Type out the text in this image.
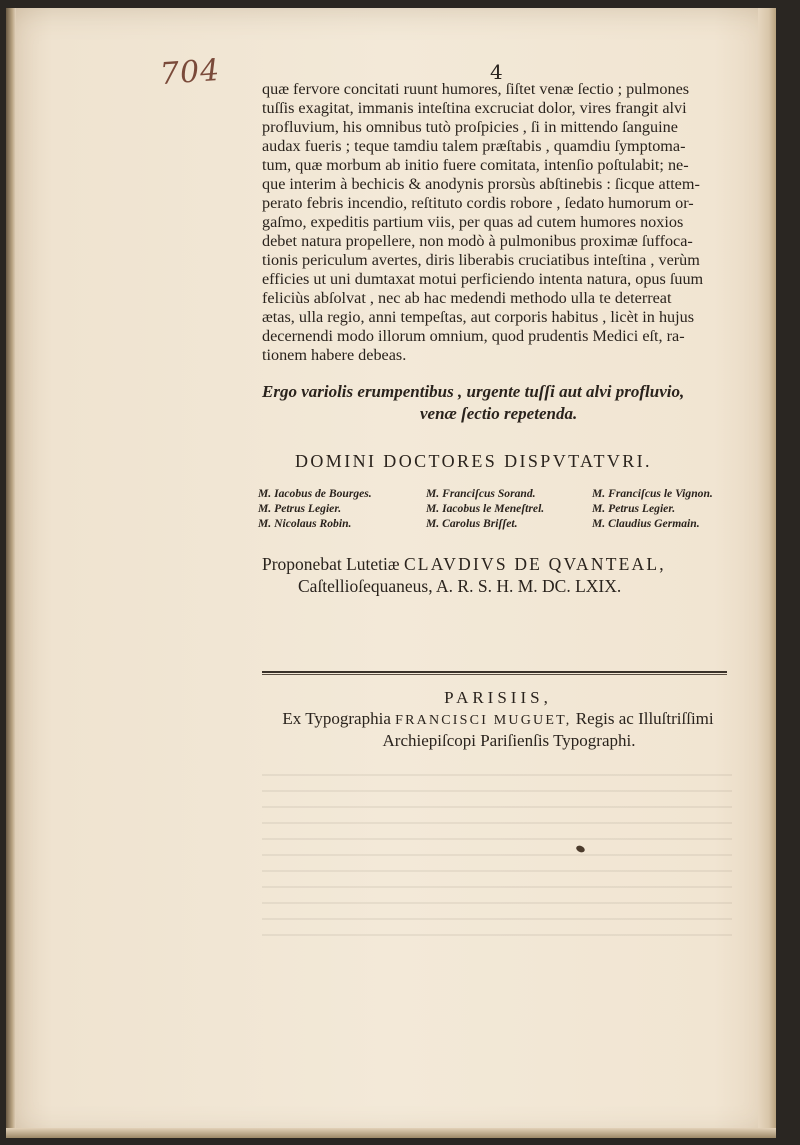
704	4

quæ fervore concitati ruunt humores, ſiſtet venæ ſectio ; pulmones
tuſſis exagitat, immanis inteſtina excruciat dolor, vires frangit alvi
profluvium, his omnibus tutò proſpicies , ſi in mittendo ſanguine
audax fueris ; teque tamdiu talem præſtabis , quamdiu ſymptoma-
tum, quæ morbum ab initio fuere comitata, intenſio poſtulabit; ne-
que interim à bechicis & anodynis prorsùs abſtinebis : ſicque attem-
perato febris incendio, reſtituto cordis robore , ſedato humorum or-
gaſmo, expeditis partium viis, per quas ad cutem humores noxios
debet natura propellere, non modò à pulmonibus proximæ ſuffoca-
tionis periculum avertes, diris liberabis cruciatibus inteſtina , verùm
efficies ut uni dumtaxat motui perficiendo intenta natura, opus ſuum
feliciùs abſolvat , nec ab hac medendi methodo ulla te deterreat
ætas, ulla regio, anni tempeſtas, aut corporis habitus , licèt in hujus
decernendi modo illorum omnium, quod prudentis Medici eſt, ra-
tionem habere debeas.

Ergo variolis erumpentibus , urgente tuſſi aut alvi profluvio,
venæ ſectio repetenda.
DOMINI DOCTORES DISPVTATVRI.
M. Iacobus de Bourges.	M. Franciſcus Sorand.	M. Franciſcus le Vignon.
M. Petrus Legier.	M. Iacobus le Meneſtrel.	M. Petrus Legier.
M. Nicolaus Robin.	M. Carolus Briſſet.	M. Claudius Germain.
Proponebat Lutetiæ CLAVDIVS DE QVANTEAL,
Caſtellioſequaneus, A. R. S. H. M. DC. LXIX.
PARISIIS,
Ex Typographia FRANCISCI MUGUET, Regis ac Illuſtriſſimi
Archiepiſcopi Pariſienſis Typographi.
